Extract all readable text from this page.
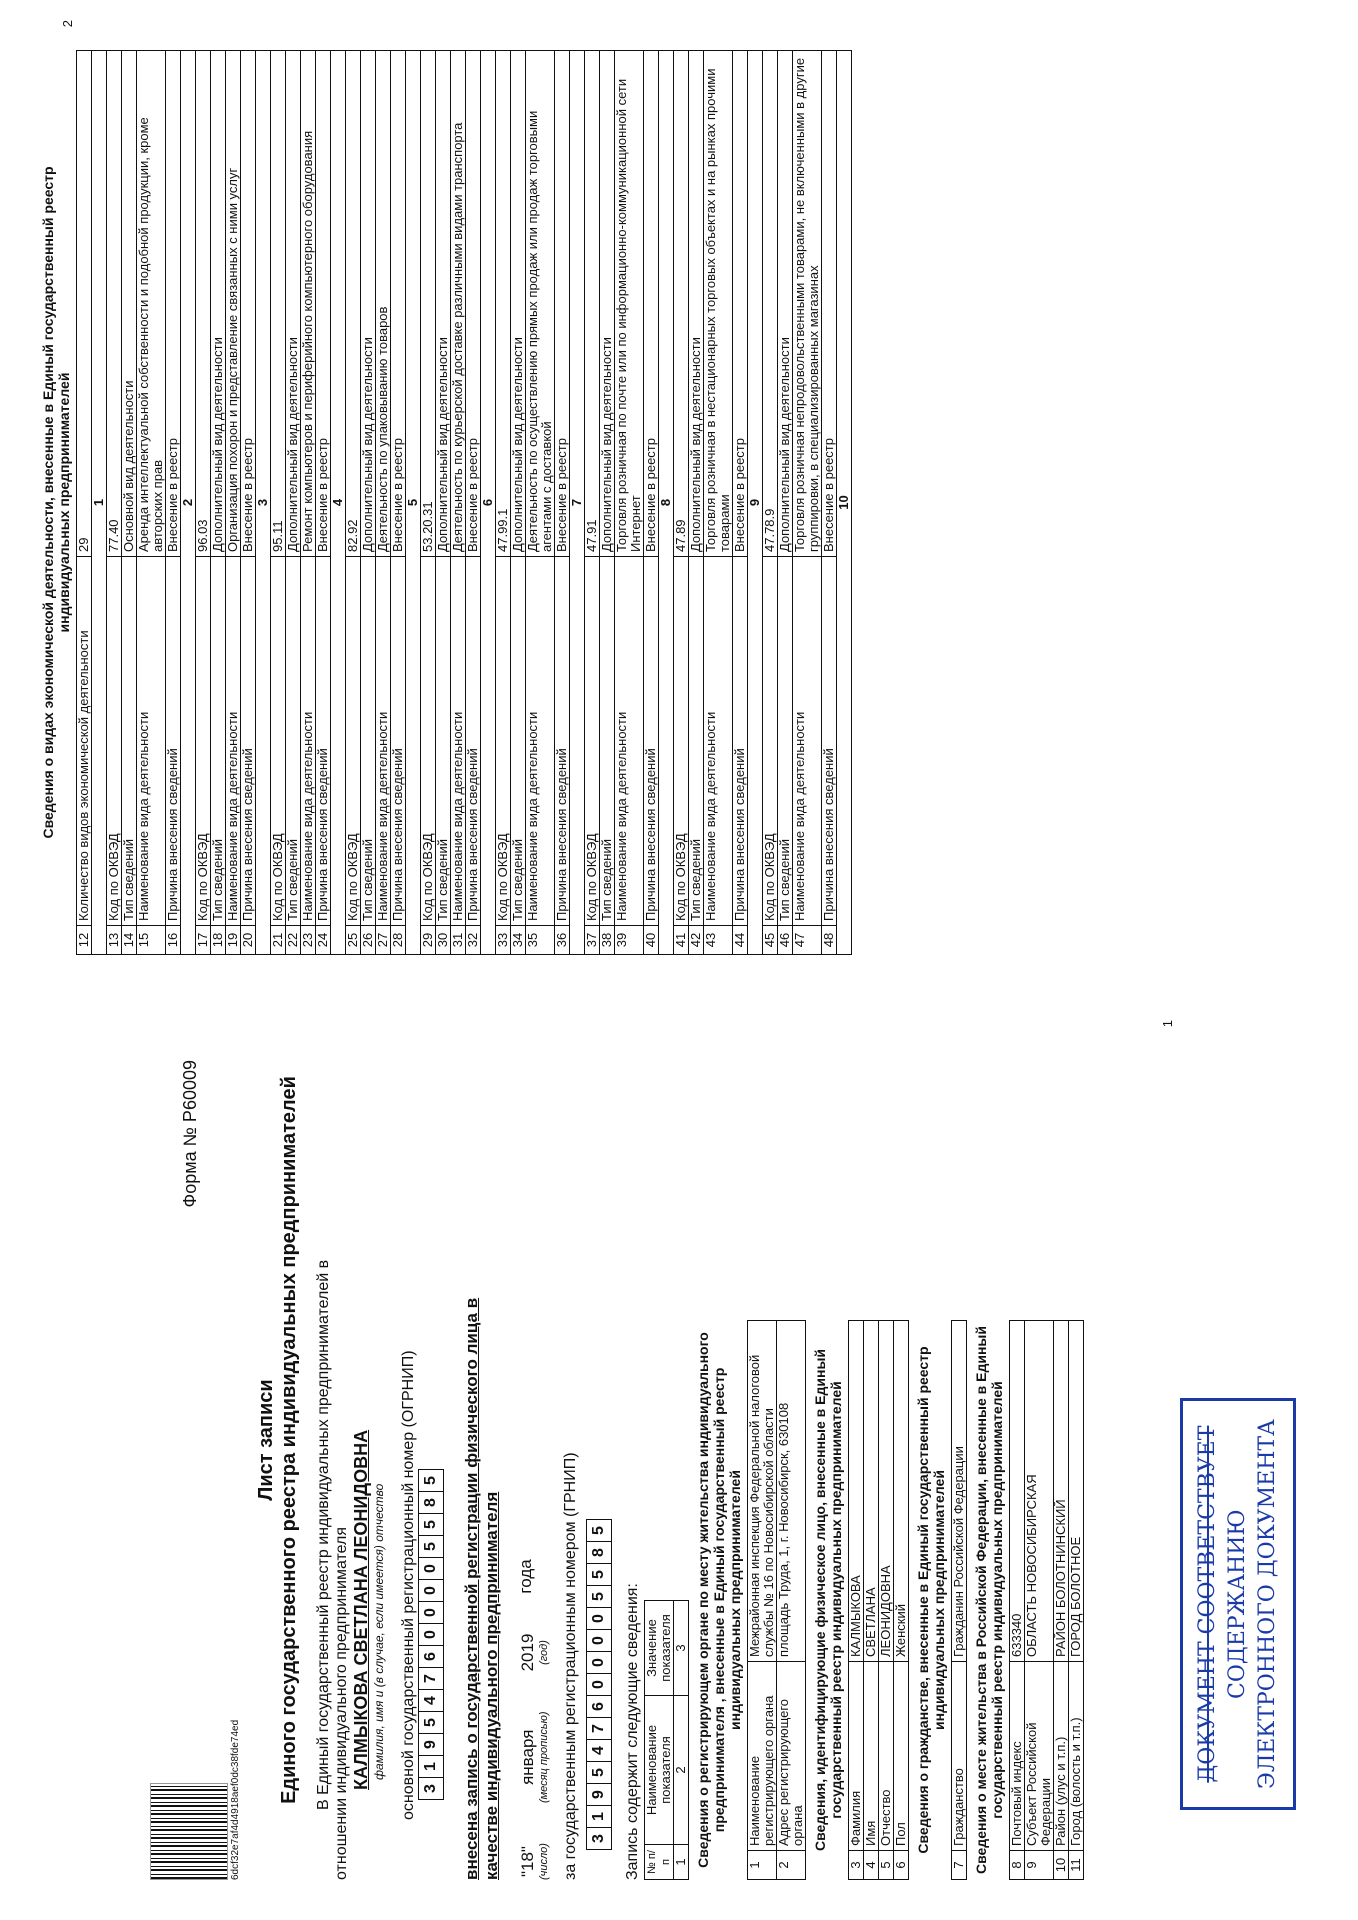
6dcf32e7af4d4918aef0dc38fde74ed
Форма № Р60009
Лист записи Единого государственного реестра индивидуальных предпринимателей В Единый государственный реестр индивидуальных предпринимателей в отношении индивидуального предпринимателя КАЛМЫКОВА СВЕТЛАНА ЛЕОНИДОВНА фамилия, имя и (в случае, если имеется) отчество основной государственный регистрационный номер (ОГРНИП) 319547600005585 внесена запись о государственной регистрации физического лица в качестве индивидуального предпринимателя "18" (число)
января (месяц прописью)
2019 (год)
года за государственным регистрационным номером (ГРНИП) 319547600005585
Запись содержит следующие сведения: № п/п	Наименование показателя	Значение показателя
1	2	3 Сведения о регистрирующем органе по месту жительства индивидуального предпринимателя , внесенные в Единый государственный реестр индивидуальных предпринимателей
1	Наименование регистрирующего органа	Межрайонная инспекция Федеральной налоговой службы № 16 по Новосибирской области
2	Адрес регистрирующего органа	площадь Труда, 1, г. Новосибирск, 630108 Сведения, идентифицирующие физическое лицо, внесенные в Единый государственный реестр индивидуальных предпринимателей
3	Фамилия	КАЛМЫКОВА
4	Имя	СВЕТЛАНА
5	Отчество	ЛЕОНИДОВНА
6	Пол	Женский Сведения о гражданстве, внесенные в Единый государственный реестр индивидуальных предпринимателей
7	Гражданство	Гражданин Российской Федерации Сведения о месте жительства в Российской Федерации, внесенные в Единый государственный реестр индивидуальных предпринимателей
8	Почтовый индекс	633340
9	Субъект Российской Федерации	ОБЛАСТЬ НОВОСИБИРСКАЯ
10	Район (улус и т.п.)	РАЙОН БОЛОТНИНСКИЙ
11	Город (волость и т.п.)	ГОРОД БОЛОТНОЕ
1
ДОКУМЕНТ СООТВЕТСТВУЕТ СОДЕРЖАНИЮ ЭЛЕКТРОННОГО ДОКУМЕНТА
Сведения о видах экономической деятельности, внесенные в Единый государственный реестр индивидуальных предпринимателей
12	Количество видов экономической деятельности	29
1		
13	Код по ОКВЭД	77.40
14	Тип сведений	Основной вид деятельности
15	Наименование вида деятельности	Аренда интеллектуальной собственности и подобной продукции, кроме авторских прав
16	Причина внесения сведений	Внесение в реестр
2		
17	Код по ОКВЭД	96.03
18	Тип сведений	Дополнительный вид деятельности
19	Наименование вида деятельности	Организация похорон и представление связанных с ними услуг
20	Причина внесения сведений	Внесение в реестр
3		
21	Код по ОКВЭД	95.11
22	Тип сведений	Дополнительный вид деятельности
23	Наименование вида деятельности	Ремонт компьютеров и периферийного компьютерного оборудования
24	Причина внесения сведений	Внесение в реестр
4		
25	Код по ОКВЭД	82.92
26	Тип сведений	Дополнительный вид деятельности
27	Наименование вида деятельности	Деятельность по упаковыванию товаров
28	Причина внесения сведений	Внесение в реестр
5		
29	Код по ОКВЭД	53.20.31
30	Тип сведений	Дополнительный вид деятельности
31	Наименование вида деятельности	Деятельность по курьерской доставке различными видами транспорта
32	Причина внесения сведений	Внесение в реестр
6		
33	Код по ОКВЭД	47.99.1
34	Тип сведений	Дополнительный вид деятельности
35	Наименование вида деятельности	Деятельность по осуществлению прямых продаж или продаж торговыми агентами с доставкой
36	Причина внесения сведений	Внесение в реестр
7		
37	Код по ОКВЭД	47.91
38	Тип сведений	Дополнительный вид деятельности
39	Наименование вида деятельности	Торговля розничная по почте или по информационно-коммуникационной сети Интернет
40	Причина внесения сведений	Внесение в реестр
8		
41	Код по ОКВЭД	47.89
42	Тип сведений	Дополнительный вид деятельности
43	Наименование вида деятельности	Торговля розничная в нестационарных торговых объектах и на рынках прочими товарами
44	Причина внесения сведений	Внесение в реестр
9		
45	Код по ОКВЭД	47.78.9
46	Тип сведений	Дополнительный вид деятельности
47	Наименование вида деятельности	Торговля розничная непродовольственными товарами, не включенными в другие группировки, в специализированных магазинах
48	Причина внесения сведений	Внесение в реестр
10		
2
